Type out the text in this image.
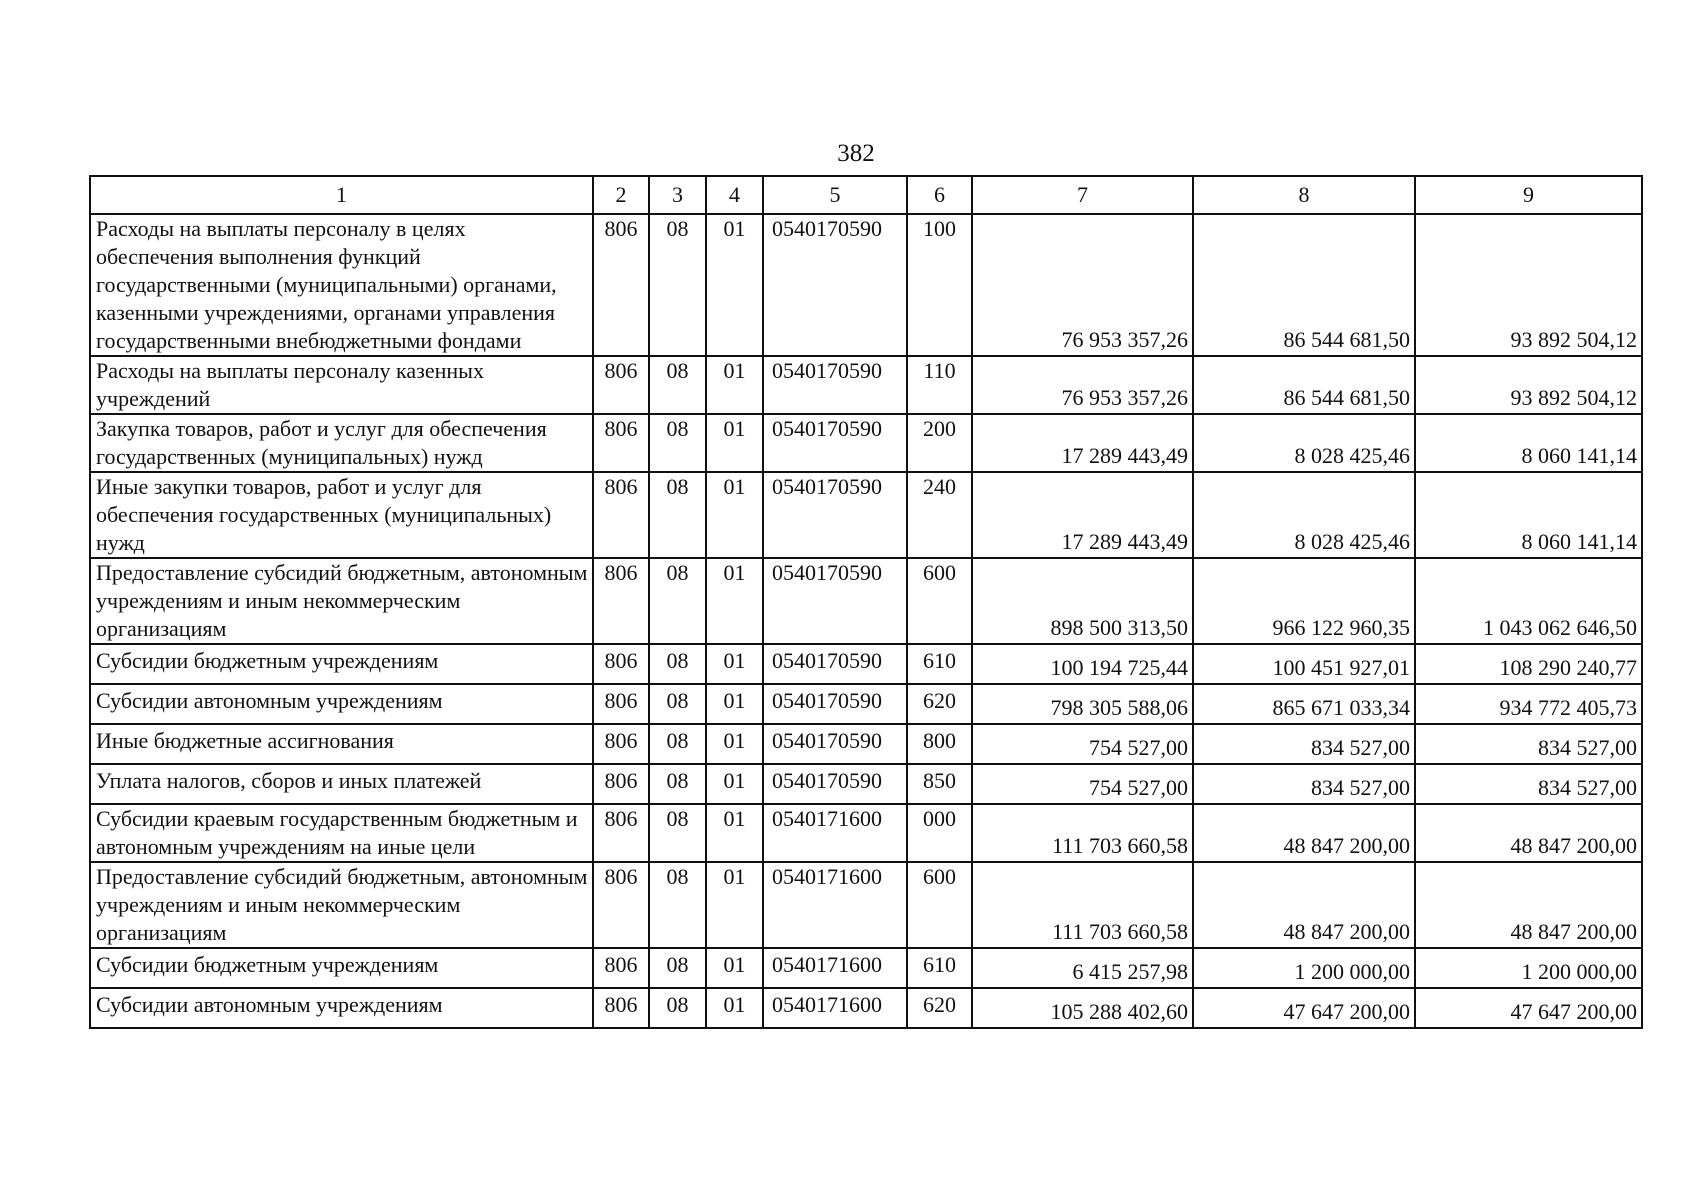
382
1	2	3	4	5	6	7	8	9
Расходы на выплаты персоналу в целях обеспечения выполнения функций государственными (муниципальными) органами, казенными учреждениями, органами управления государственными внебюджетными фондами	806	08	01	0540170590	100	76 953 357,26	86 544 681,50	93 892 504,12
Расходы на выплаты персоналу казенных учреждений	806	08	01	0540170590	110	76 953 357,26	86 544 681,50	93 892 504,12
Закупка товаров, работ и услуг для обеспечения государственных (муниципальных) нужд	806	08	01	0540170590	200	17 289 443,49	8 028 425,46	8 060 141,14
Иные закупки товаров, работ и услуг для обеспечения государственных (муниципальных) нужд	806	08	01	0540170590	240	17 289 443,49	8 028 425,46	8 060 141,14
Предоставление субсидий бюджетным, автономным учреждениям и иным некоммерческим организациям	806	08	01	0540170590	600	898 500 313,50	966 122 960,35	1 043 062 646,50
Субсидии бюджетным учреждениям	806	08	01	0540170590	610	100 194 725,44	100 451 927,01	108 290 240,77
Субсидии автономным учреждениям	806	08	01	0540170590	620	798 305 588,06	865 671 033,34	934 772 405,73
Иные бюджетные ассигнования	806	08	01	0540170590	800	754 527,00	834 527,00	834 527,00
Уплата налогов, сборов и иных платежей	806	08	01	0540170590	850	754 527,00	834 527,00	834 527,00
Субсидии краевым государственным бюджетным и автономным учреждениям на иные цели	806	08	01	0540171600	000	111 703 660,58	48 847 200,00	48 847 200,00
Предоставление субсидий бюджетным, автономным учреждениям и иным некоммерческим организациям	806	08	01	0540171600	600	111 703 660,58	48 847 200,00	48 847 200,00
Субсидии бюджетным учреждениям	806	08	01	0540171600	610	6 415 257,98	1 200 000,00	1 200 000,00
Субсидии автономным учреждениям	806	08	01	0540171600	620	105 288 402,60	47 647 200,00	47 647 200,00
